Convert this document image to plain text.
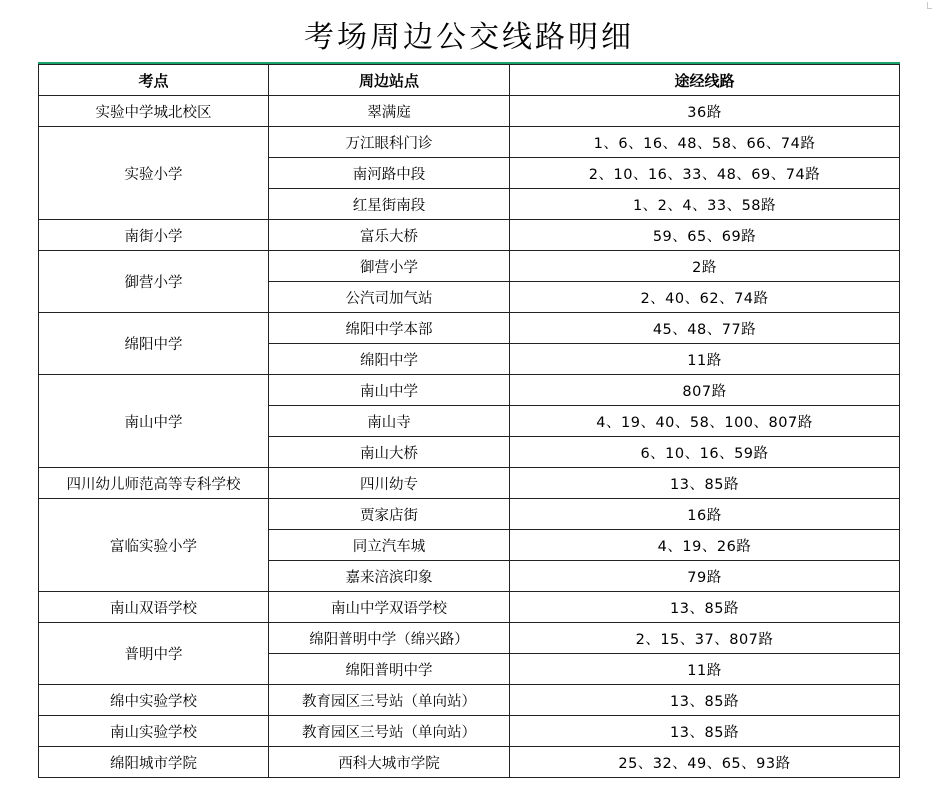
考场周边公交线路明细
考点	周边站点	途经线路
实验中学城北校区	翠满庭	36路
实验小学	万江眼科门诊	1、6、16、48、58、66、74路
	南河路中段	2、10、16、33、48、69、74路
	红星街南段	1、2、4、33、58路
南街小学	富乐大桥	59、65、69路
御营小学	御营小学	2路
	公汽司加气站	2、40、62、74路
绵阳中学	绵阳中学本部	45、48、77路
	绵阳中学	11路
南山中学	南山中学	807路
	南山寺	4、19、40、58、100、807路
	南山大桥	6、10、16、59路
四川幼儿师范高等专科学校	四川幼专	13、85路
富临实验小学	贾家店街	16路
	同立汽车城	4、19、26路
	嘉来涪滨印象	79路
南山双语学校	南山中学双语学校	13、85路
普明中学	绵阳普明中学（绵兴路）	2、15、37、807路
	绵阳普明中学	11路
绵中实验学校	教育园区三号站（单向站）	13、85路
南山实验学校	教育园区三号站（单向站）	13、85路
绵阳城市学院	西科大城市学院	25、32、49、65、93路
